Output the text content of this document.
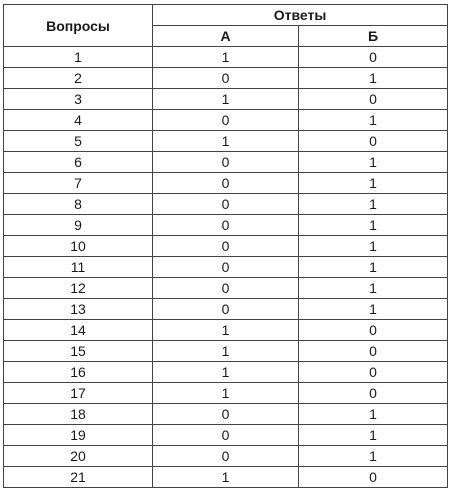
Вопросы	Ответы	
	А	Б
1	1	0
2	0	1
3	1	0
4	0	1
5	1	0
6	0	1
7	0	1
8	0	1
9	0	1
10	0	1
11	0	1
12	0	1
13	0	1
14	1	0
15	1	0
16	1	0
17	1	0
18	0	1
19	0	1
20	0	1
21	1	0
